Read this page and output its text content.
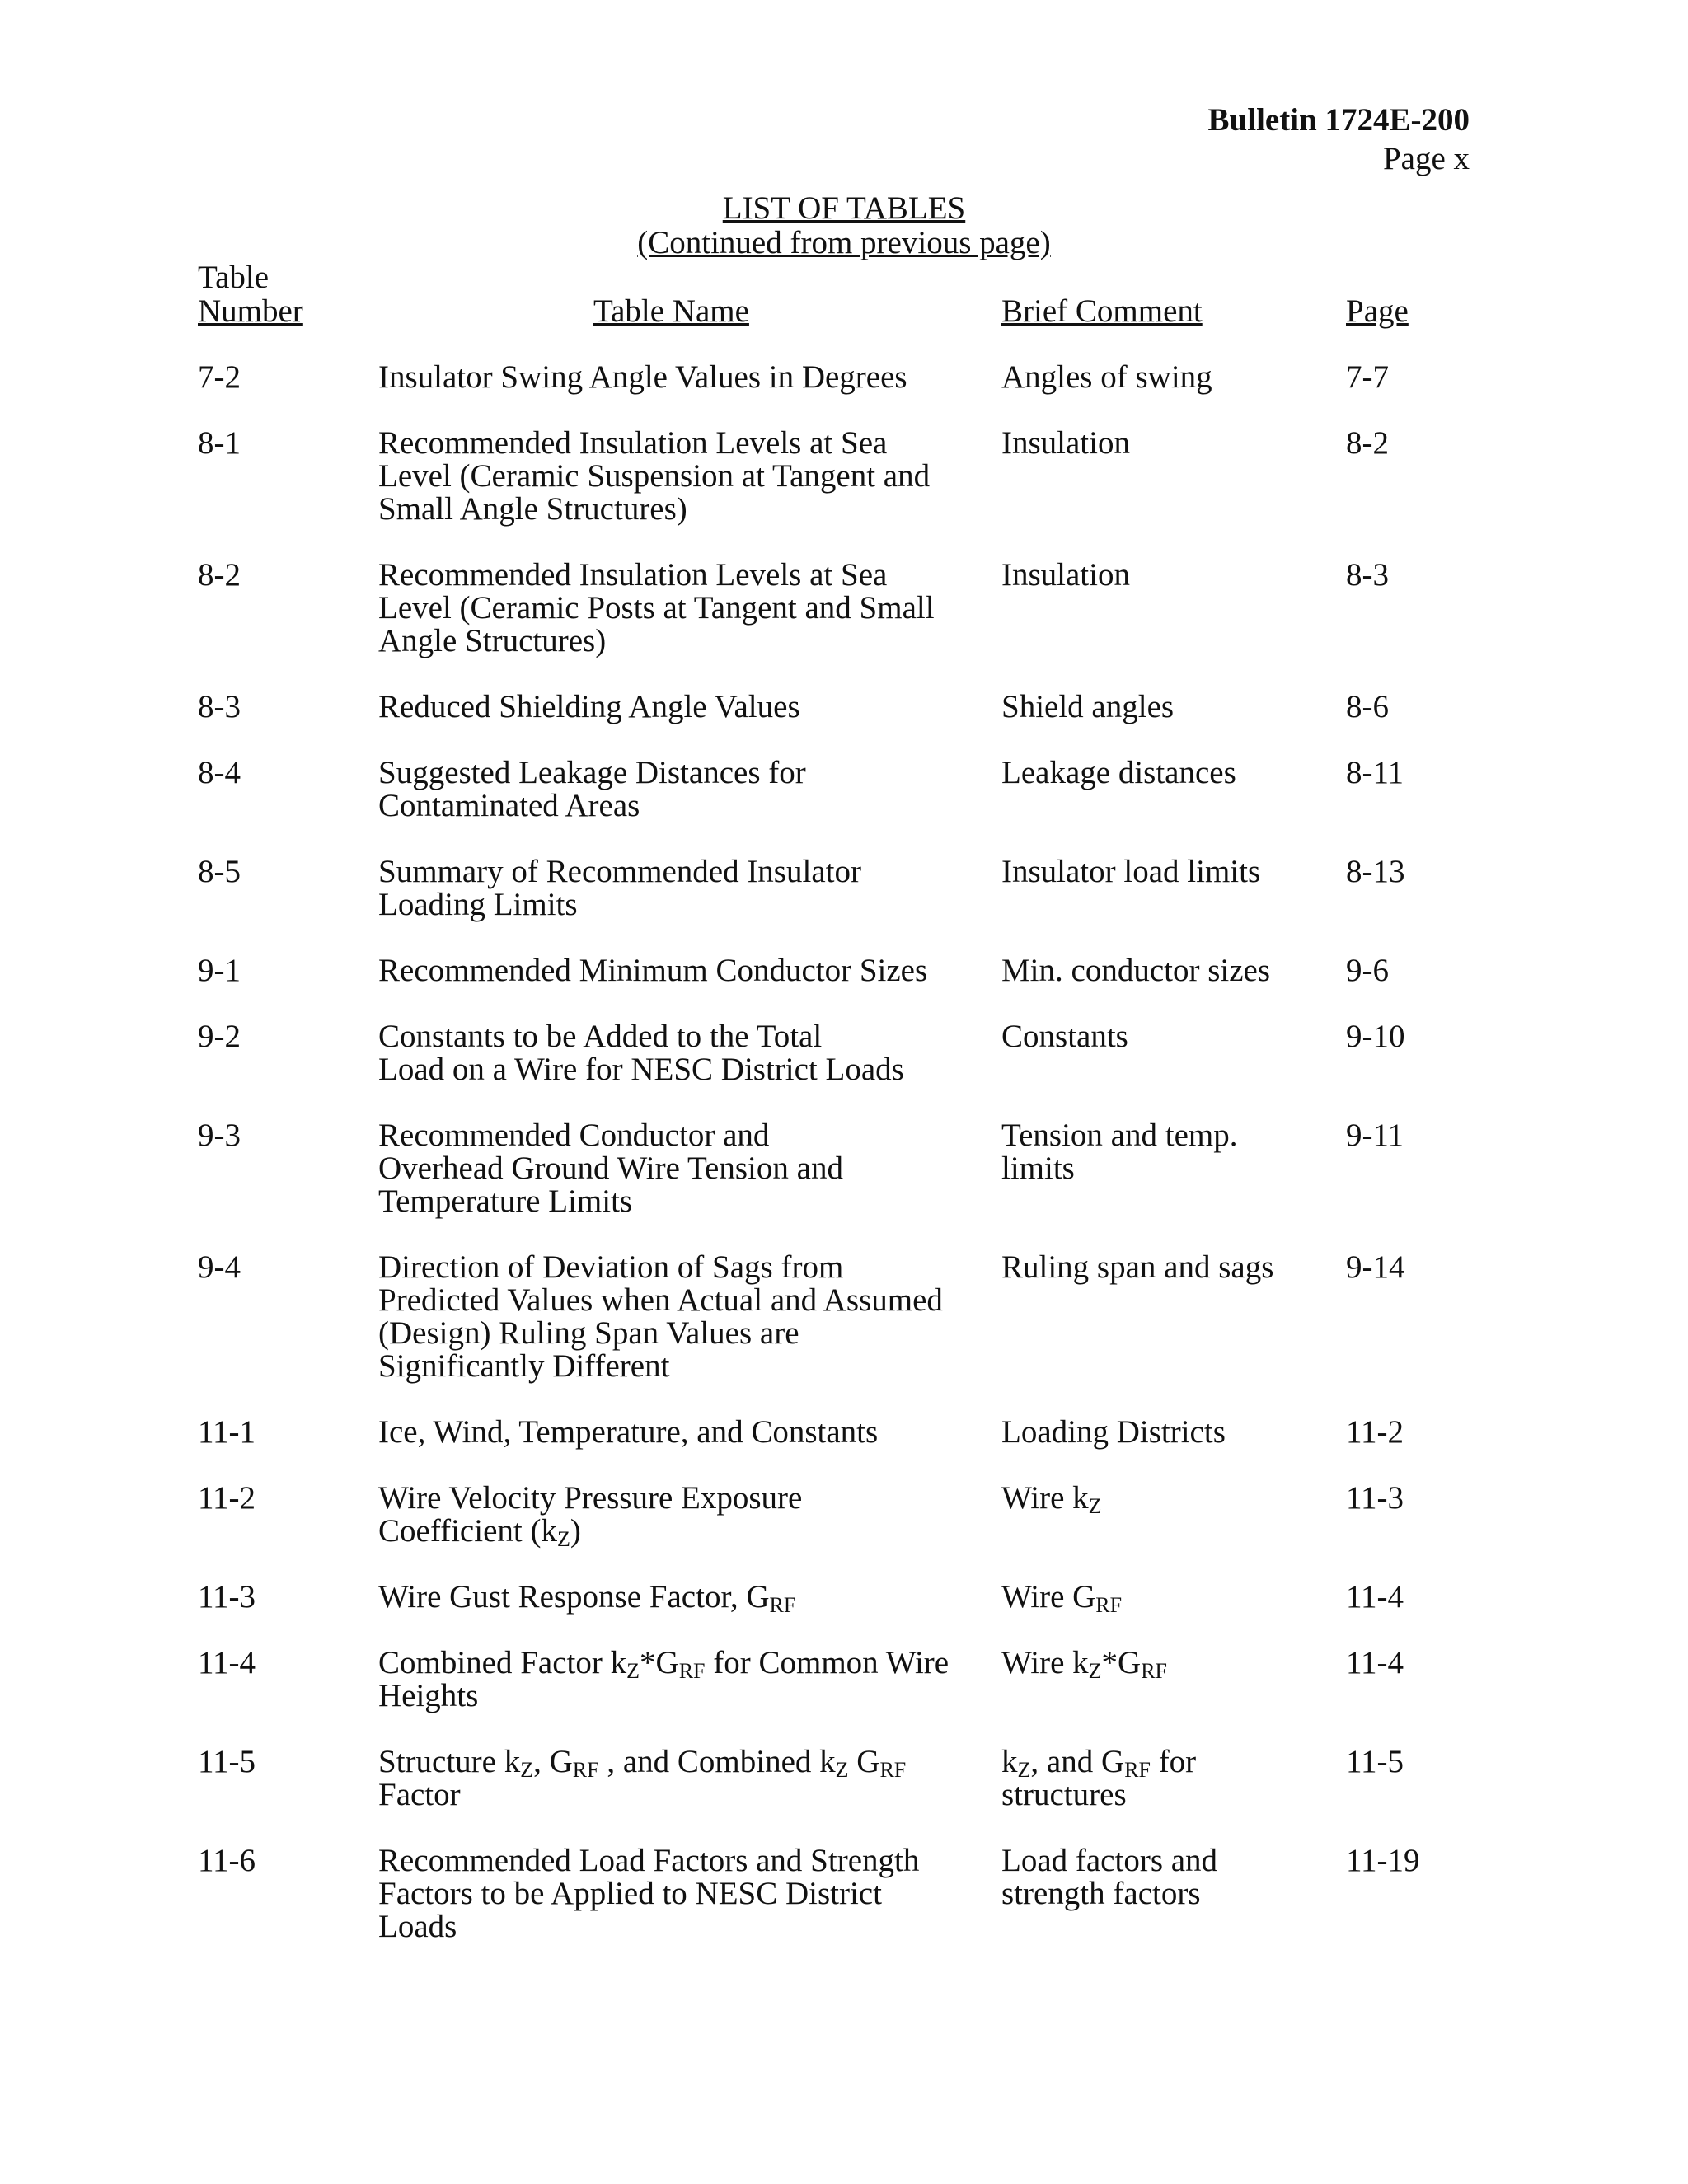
Bulletin 1724E-200
Page x
LIST OF TABLES
(Continued from previous page)
Table
Number	Table Name	Brief Comment	Page
7-2	Insulator Swing Angle Values in Degrees	Angles of swing	7-7
8-1	Recommended Insulation Levels at Sea
Level (Ceramic Suspension at Tangent and
Small Angle Structures)
Insulation	8-2
8-2	Recommended Insulation Levels at Sea
Level (Ceramic Posts at Tangent and Small
Angle Structures)
Insulation	8-3
8-3	Reduced Shielding Angle Values	Shield angles	8-6
8-4	Suggested Leakage Distances for
Contaminated Areas
Leakage distances	8-11
8-5	Summary of Recommended Insulator
Loading Limits
Insulator load limits	8-13
9-1	Recommended Minimum Conductor Sizes	Min. conductor sizes	9-6
9-2	Constants to be Added to the Total
Load on a Wire for NESC District Loads
Constants	9-10
9-3	Recommended Conductor and
Overhead Ground Wire Tension and
Temperature Limits
Tension and temp.
limits
9-11
9-4	Direction of Deviation of Sags from
Predicted Values when Actual and Assumed
(Design) Ruling Span Values are
Significantly Different
Ruling span and sags	9-14
11-1	Ice, Wind, Temperature, and Constants	Loading Districts	11-2
11-2	Wire Velocity Pressure Exposure
Coefficient $(k_Z)$
Wire $k_Z$	11-3
11-3	Wire Gust Response Factor, $G_{RF}$	Wire $G_{RF}$	11-4
11-4	Combined Factor $k_Z*G_{RF}$ for Common Wire
Heights
Wire $k_Z*G_{RF}$	11-4
11-5	Structure $k_Z$, $G_{RF}$ , and Combined $k_Z$ $G_{RF}$
Factor
$k_Z$, and $G_{RF}$ for
structures
11-5
11-6	Recommended Load Factors and Strength
Factors to be Applied to NESC District
Loads
Load factors and
strength factors
11-19
